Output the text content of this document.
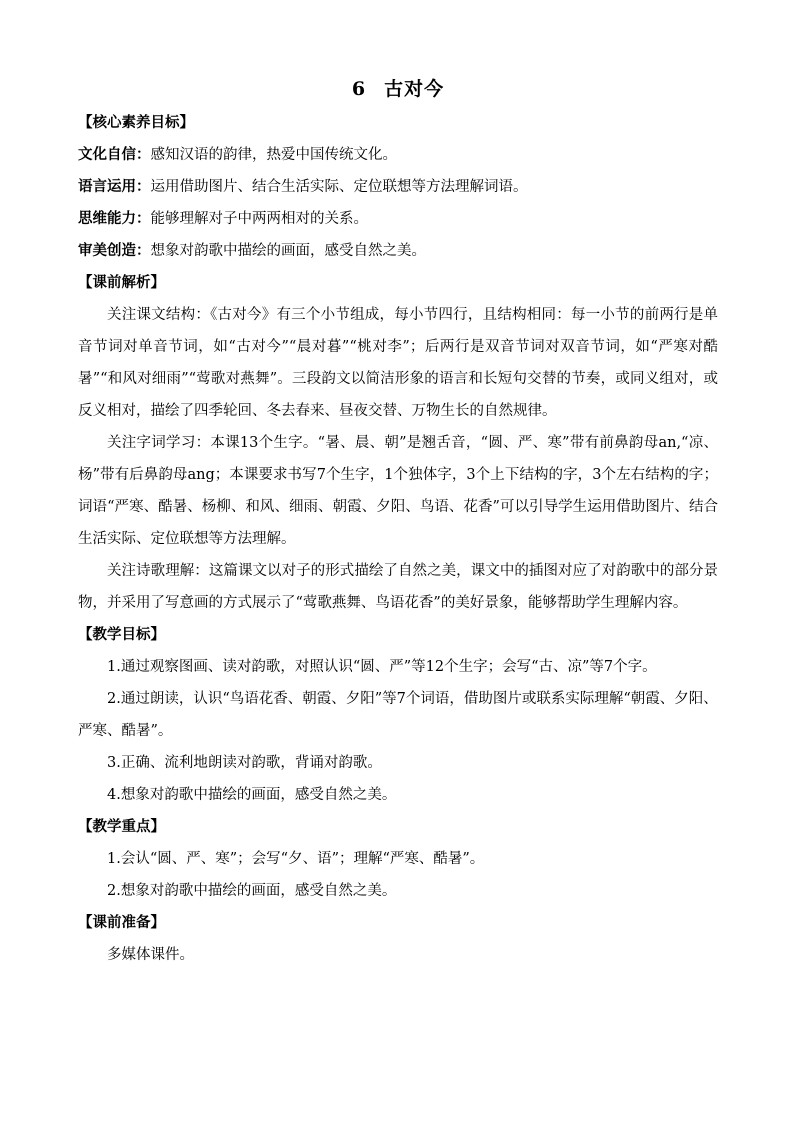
6 古对今

【核心素养目标】

文化自信：感知汉语的韵律，热爱中国传统文化。

语言运用：运用借助图片、结合生活实际、定位联想等方法理解词语。

思维能力：能够理解对子中两两相对的关系。

审美创造：想象对韵歌中描绘的画面，感受自然之美。

【课前解析】

关注课文结构：《古对今》有三个小节组成，每小节四行，且结构相同：每一小节的前两行是单音节词对单音节词，如“古对今”“晨对暮”“桃对李”；后两行是双音节词对双音节词，如“严寒对酷暑”“和风对细雨”“莺歌对燕舞”。三段韵文以简洁形象的语言和长短句交替的节奏，或同义组对，或反义相对，描绘了四季轮回、冬去春来、昼夜交替、万物生长的自然规律。

关注字词学习：本课13个生字。“暑、晨、朝”是翘舌音，“圆、严、寒”带有前鼻韵母an,“凉、杨”带有后鼻韵母ang；本课要求书写7个生字，1个独体字，3个上下结构的字，3个左右结构的字；词语“严寒、酷暑、杨柳、和风、细雨、朝霞、夕阳、鸟语、花香”可以引导学生运用借助图片、结合生活实际、定位联想等方法理解。

关注诗歌理解：这篇课文以对子的形式描绘了自然之美，课文中的插图对应了对韵歌中的部分景物，并采用了写意画的方式展示了“莺歌燕舞、鸟语花香”的美好景象，能够帮助学生理解内容。

【教学目标】

1.通过观察图画、读对韵歌，对照认识“圆、严”等12个生字；会写“古、凉”等7个字。

2.通过朗读，认识“鸟语花香、朝霞、夕阳”等7个词语，借助图片或联系实际理解“朝霞、夕阳、严寒、酷暑”。

3.正确、流利地朗读对韵歌，背诵对韵歌。

4.想象对韵歌中描绘的画面，感受自然之美。

【教学重点】

1.会认“圆、严、寒”；会写“夕、语”；理解“严寒、酷暑”。

2.想象对韵歌中描绘的画面，感受自然之美。

【课前准备】

多媒体课件。
